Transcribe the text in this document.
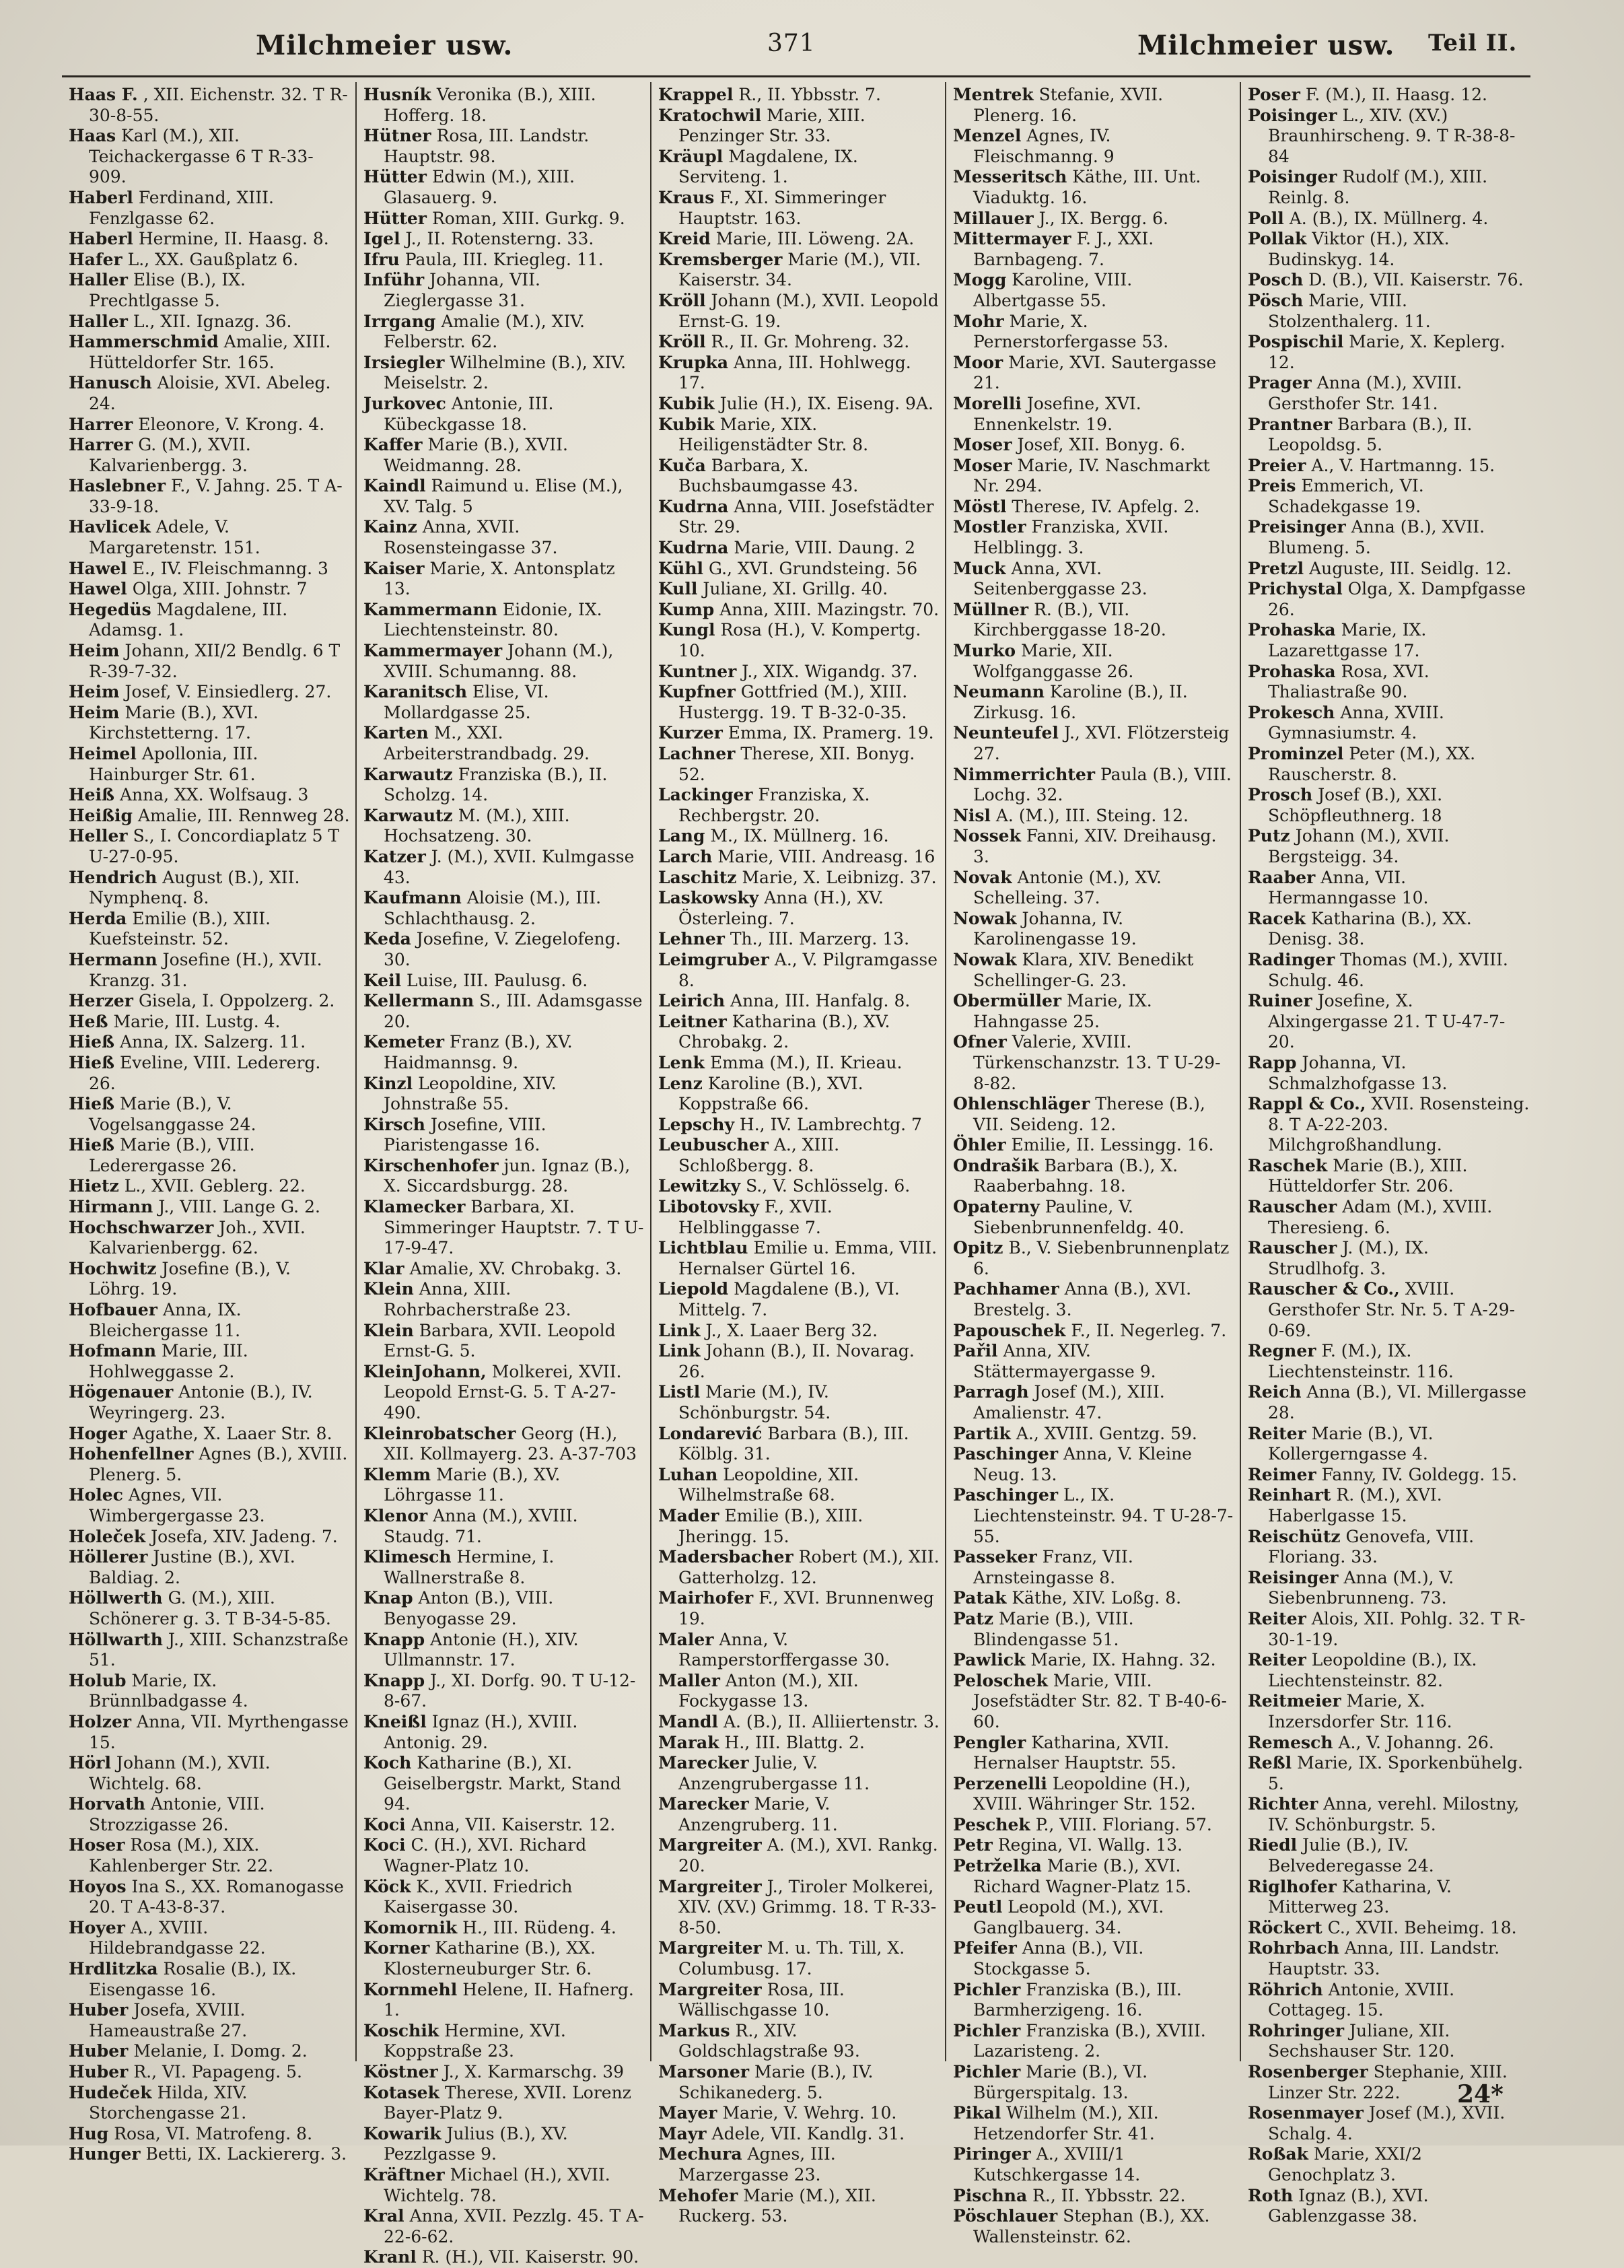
Milchmeier usw.	371	Milchmeier usw. Teil II.

Haas F. , XII. Eichenstr. 32. T R-30-8-55.

Haas Karl (M.), XII. Teichackergasse 6 T R-33-909.

Haberl Ferdinand, XIII. Fenzlgasse 62.

Haberl Hermine, II. Haasg. 8.

Hafer L., XX. Gaußplatz 6.

Haller Elise (B.), IX. Prechtlgasse 5.

Haller L., XII. Ignazg. 36.

Hammerschmid Amalie, XIII. Hütteldorfer Str. 165.

Hanusch Aloisie, XVI. Abeleg. 24.

Harrer Eleonore, V. Krong. 4.

Harrer G. (M.), XVII. Kalvarienbergg. 3.

Haslebner F., V. Jahng. 25. T A-33-9-18.

Havlicek Adele, V. Margaretenstr. 151.

Hawel E., IV. Fleischmanng. 3

Hawel Olga, XIII. Johnstr. 7

Hegedüs Magdalene, III. Adamsg. 1.

Heim Johann, XII/2 Bendlg. 6 T R-39-7-32.

Heim Josef, V. Einsiedlerg. 27.

Heim Marie (B.), XVI. Kirchstetterng. 17.

Heimel Apollonia, III. Hainburger Str. 61.

Heiß Anna, XX. Wolfsaug. 3

Heißig Amalie, III. Rennweg 28.

Heller S., I. Concordiaplatz 5 T U-27-0-95.

Hendrich August (B.), XII. Nymphenq. 8.

Herda Emilie (B.), XIII. Kuefsteinstr. 52.

Hermann Josefine (H.), XVII. Kranzg. 31.

Herzer Gisela, I. Oppolzerg. 2.

Heß Marie, III. Lustg. 4.

Hieß Anna, IX. Salzerg. 11.

Hieß Eveline, VIII. Ledererg. 26.

Hieß Marie (B.), V. Vogelsanggasse 24.

Hieß Marie (B.), VIII. Lederergasse 26.

Hietz L., XVII. Geblerg. 22.

Hirmann J., VIII. Lange G. 2.

Hochschwarzer Joh., XVII. Kalvarienbergg. 62.

Hochwitz Josefine (B.), V. Löhrg. 19.

Hofbauer Anna, IX. Bleichergasse 11.

Hofmann Marie, III. Hohlweggasse 2.

Högenauer Antonie (B.), IV. Weyringerg. 23.

Hoger Agathe, X. Laaer Str. 8.

Hohenfellner Agnes (B.), XVIII. Plenerg. 5.

Holec Agnes, VII. Wimbergergasse 23.

Holeček Josefa, XIV. Jadeng. 7.

Höllerer Justine (B.), XVI. Baldiag. 2.

Höllwerth G. (M.), XIII. Schönerer g. 3. T B-34-5-85.

Höllwarth J., XIII. Schanzstraße 51.

Holub Marie, IX. Brünnlbadgasse 4.

Holzer Anna, VII. Myrthengasse 15.

Hörl Johann (M.), XVII. Wichtelg. 68.

Horvath Antonie, VIII. Strozzigasse 26.

Hoser Rosa (M.), XIX. Kahlenberger Str. 22.

Hoyos Ina S., XX. Romanogasse 20. T A-43-8-37.

Hoyer A., XVIII. Hildebrandgasse 22.

Hrdlitzka Rosalie (B.), IX. Eisengasse 16.

Huber Josefa, XVIII. Hameaustraße 27.

Huber Melanie, I. Domg. 2.

Huber R., VI. Papageng. 5.

Hudeček Hilda, XIV. Storchengasse 21.

Hug Rosa, VI. Matrofeng. 8.

Hunger Betti, IX. Lackiererg. 3.

Husník Veronika (B.), XIII. Hofferg. 18.

Hütner Rosa, III. Landstr. Hauptstr. 98.

Hütter Edwin (M.), XIII. Glasauerg. 9.

Hütter Roman, XIII. Gurkg. 9.

Igel J., II. Rotensterng. 33.

Ifru Paula, III. Kriegleg. 11.

Inführ Johanna, VII. Zieglergasse 31.

Irrgang Amalie (M.), XIV. Felberstr. 62.

Irsiegler Wilhelmine (B.), XIV. Meiselstr. 2.

Jurkovec Antonie, III. Kübeckgasse 18.

Kaffer Marie (B.), XVII. Weidmanng. 28.

Kaindl Raimund u. Elise (M.), XV. Talg. 5

Kainz Anna, XVII. Rosensteingasse 37.

Kaiser Marie, X. Antonsplatz 13.

Kammermann Eidonie, IX. Liechtensteinstr. 80.

Kammermayer Johann (M.), XVIII. Schumanng. 88.

Karanitsch Elise, VI. Mollardgasse 25.

Karten M., XXI. Arbeiterstrandbadg. 29.

Karwautz Franziska (B.), II. Scholzg. 14.

Karwautz M. (M.), XIII. Hochsatzeng. 30.

Katzer J. (M.), XVII. Kulmgasse 43.

Kaufmann Aloisie (M.), III. Schlachthausg. 2.

Keda Josefine, V. Ziegelofeng. 30.

Keil Luise, III. Paulusg. 6.

Kellermann S., III. Adamsgasse 20.

Kemeter Franz (B.), XV. Haidmannsg. 9.

Kinzl Leopoldine, XIV. Johnstraße 55.

Kirsch Josefine, VIII. Piaristengasse 16.

Kirschenhofer jun. Ignaz (B.), X. Siccardsburgg. 28.

Klamecker Barbara, XI. Simmeringer Hauptstr. 7. T U-17-9-47.

Klar Amalie, XV. Chrobakg. 3.

Klein Anna, XIII. Rohrbacherstraße 23.

Klein Barbara, XVII. Leopold Ernst-G. 5.

KleinJohann, Molkerei, XVII. Leopold Ernst-G. 5. T A-27-490.

Kleinrobatscher Georg (H.), XII. Kollmayerg. 23. A-37-703

Klemm Marie (B.), XV. Löhrgasse 11.

Klenor Anna (M.), XVIII. Staudg. 71.

Klimesch Hermine, I. Wallnerstraße 8.

Knap Anton (B.), VIII. Benyogasse 29.

Knapp Antonie (H.), XIV. Ullmannstr. 17.

Knapp J., XI. Dorfg. 90. T U-12-8-67.

Kneißl Ignaz (H.), XVIII. Antonig. 29.

Koch Katharine (B.), XI. Geiselbergstr. Markt, Stand 94.

Koci Anna, VII. Kaiserstr. 12.

Koci C. (H.), XVI. Richard Wagner-Platz 10.

Köck K., XVII. Friedrich Kaisergasse 30.

Komornik H., III. Rüdeng. 4.

Korner Katharine (B.), XX. Klosterneuburger Str. 6.

Kornmehl Helene, II. Hafnerg. 1.

Koschik Hermine, XVI. Koppstraße 23.

Köstner J., X. Karmarschg. 39

Kotasek Therese, XVII. Lorenz Bayer-Platz 9.

Kowarik Julius (B.), XV. Pezzlgasse 9.

Kräftner Michael (H.), XVII. Wichtelg. 78.

Kral Anna, XVII. Pezzlg. 45. T A-22-6-62.

Kranl R. (H.), VII. Kaiserstr. 90.

Krappel R., II. Ybbsstr. 7.

Kratochwil Marie, XIII. Penzinger Str. 33.

Kräupl Magdalene, IX. Serviteng. 1.

Kraus F., XI. Simmeringer Hauptstr. 163.

Kreid Marie, III. Löweng. 2A.

Kremsberger Marie (M.), VII. Kaiserstr. 34.

Kröll Johann (M.), XVII. Leopold Ernst-G. 19.

Kröll R., II. Gr. Mohreng. 32.

Krupka Anna, III. Hohlwegg. 17.

Kubik Julie (H.), IX. Eiseng. 9A.

Kubik Marie, XIX. Heiligenstädter Str. 8.

Kuča Barbara, X. Buchsbaumgasse 43.

Kudrna Anna, VIII. Josefstädter Str. 29.

Kudrna Marie, VIII. Daung. 2

Kühl G., XVI. Grundsteing. 56

Kull Juliane, XI. Grillg. 40.

Kump Anna, XIII. Mazingstr. 70.

Kungl Rosa (H.), V. Kompertg. 10.

Kuntner J., XIX. Wigandg. 37.

Kupfner Gottfried (M.), XIII. Hustergg. 19. T B-32-0-35.

Kurzer Emma, IX. Pramerg. 19.

Lachner Therese, XII. Bonyg. 52.

Lackinger Franziska, X. Rechbergstr. 20.

Lang M., IX. Müllnerg. 16.

Larch Marie, VIII. Andreasg. 16

Laschitz Marie, X. Leibnizg. 37.

Laskowsky Anna (H.), XV. Österleing. 7.

Lehner Th., III. Marzerg. 13.

Leimgruber A., V. Pilgramgasse 8.

Leirich Anna, III. Hanfalg. 8.

Leitner Katharina (B.), XV. Chrobakg. 2.

Lenk Emma (M.), II. Krieau.

Lenz Karoline (B.), XVI. Koppstraße 66.

Lepschy H., IV. Lambrechtg. 7

Leubuscher A., XIII. Schloßbergg. 8.

Lewitzky S., V. Schlösselg. 6.

Libotovsky F., XVII. Helblinggasse 7.

Lichtblau Emilie u. Emma, VIII. Hernalser Gürtel 16.

Liepold Magdalene (B.), VI. Mittelg. 7.

Link J., X. Laaer Berg 32.

Link Johann (B.), II. Novarag. 26.

Listl Marie (M.), IV. Schönburgstr. 54.

Londarević Barbara (B.), III. Kölblg. 31.

Luhan Leopoldine, XII. Wilhelmstraße 68.

Mader Emilie (B.), XIII. Jheringg. 15.

Madersbacher Robert (M.), XII. Gatterholzg. 12.

Mairhofer F., XVI. Brunnenweg 19.

Maler Anna, V. Ramperstorffergasse 30.

Maller Anton (M.), XII. Fockygasse 13.

Mandl A. (B.), II. Alliiertenstr. 3.

Marak H., III. Blattg. 2.

Marecker Julie, V. Anzengrubergasse 11.

Marecker Marie, V. Anzengruberg. 11.

Margreiter A. (M.), XVI. Rankg. 20.

Margreiter J., Tiroler Molkerei, XIV. (XV.) Grimmg. 18. T R-33-8-50.

Margreiter M. u. Th. Till, X. Columbusg. 17.

Margreiter Rosa, III. Wällischgasse 10.

Markus R., XIV. Goldschlagstraße 93.

Marsoner Marie (B.), IV. Schikanederg. 5.

Mayer Marie, V. Wehrg. 10.

Mayr Adele, VII. Kandlg. 31.

Mechura Agnes, III. Marzergasse 23.

Mehofer Marie (M.), XII. Ruckerg. 53.

Mentrek Stefanie, XVII. Plenerg. 16.

Menzel Agnes, IV. Fleischmanng. 9

Messeritsch Käthe, III. Unt. Viaduktg. 16.

Millauer J., IX. Bergg. 6.

Mittermayer F. J., XXI. Barnbageng. 7.

Mogg Karoline, VIII. Albertgasse 55.

Mohr Marie, X. Pernerstorfergasse 53.

Moor Marie, XVI. Sautergasse 21.

Morelli Josefine, XVI. Ennenkelstr. 19.

Moser Josef, XII. Bonyg. 6.

Moser Marie, IV. Naschmarkt Nr. 294.

Möstl Therese, IV. Apfelg. 2.

Mostler Franziska, XVII. Helblingg. 3.

Muck Anna, XVI. Seitenberggasse 23.

Müllner R. (B.), VII. Kirchberggasse 18-20.

Murko Marie, XII. Wolfganggasse 26.

Neumann Karoline (B.), II. Zirkusg. 16.

Neunteufel J., XVI. Flötzersteig 27.

Nimmerrichter Paula (B.), VIII. Lochg. 32.

Nisl A. (M.), III. Steing. 12.

Nossek Fanni, XIV. Dreihausg. 3.

Novak Antonie (M.), XV. Schelleing. 37.

Nowak Johanna, IV. Karolinengasse 19.

Nowak Klara, XIV. Benedikt Schellinger-G. 23.

Obermüller Marie, IX. Hahngasse 25.

Ofner Valerie, XVIII. Türkenschanzstr. 13. T U-29-8-82.

Ohlenschläger Therese (B.), VII. Seideng. 12.

Öhler Emilie, II. Lessingg. 16.

Ondrašik Barbara (B.), X. Raaberbahng. 18.

Opaterny Pauline, V. Siebenbrunnenfeldg. 40.

Opitz B., V. Siebenbrunnenplatz 6.

Pachhamer Anna (B.), XVI. Brestelg. 3.

Papouschek F., II. Negerleg. 7.

Pařil Anna, XIV. Stättermayergasse 9.

Parragh Josef (M.), XIII. Amalienstr. 47.

Partik A., XVIII. Gentzg. 59.

Paschinger Anna, V. Kleine Neug. 13.

Paschinger L., IX. Liechtensteinstr. 94. T U-28-7-55.

Passeker Franz, VII. Arnsteingasse 8.

Patak Käthe, XIV. Loßg. 8.

Patz Marie (B.), VIII. Blindengasse 51.

Pawlick Marie, IX. Hahng. 32.

Peloschek Marie, VIII. Josefstädter Str. 82. T B-40-6-60.

Pengler Katharina, XVII. Hernalser Hauptstr. 55.

Perzenelli Leopoldine (H.), XVIII. Währinger Str. 152.

Peschek P., VIII. Floriang. 57.

Petr Regina, VI. Wallg. 13.

Petrželka Marie (B.), XVI. Richard Wagner-Platz 15.

Peutl Leopold (M.), XVI. Ganglbauerg. 34.

Pfeifer Anna (B.), VII. Stockgasse 5.

Pichler Franziska (B.), III. Barmherzigeng. 16.

Pichler Franziska (B.), XVIII. Lazaristeng. 2.

Pichler Marie (B.), VI. Bürgerspitalg. 13.

Pikal Wilhelm (M.), XII. Hetzendorfer Str. 41.

Piringer A., XVIII/1 Kutschkergasse 14.

Pischna R., II. Ybbsstr. 22.

Pöschlauer Stephan (B.), XX. Wallensteinstr. 62.

Poser F. (M.), II. Haasg. 12.

Poisinger L., XIV. (XV.) Braunhirscheng. 9. T R-38-8-84

Poisinger Rudolf (M.), XIII. Reinlg. 8.

Poll A. (B.), IX. Müllnerg. 4.

Pollak Viktor (H.), XIX. Budinskyg. 14.

Posch D. (B.), VII. Kaiserstr. 76.

Pösch Marie, VIII. Stolzenthalerg. 11.

Pospischil Marie, X. Keplerg. 12.

Prager Anna (M.), XVIII. Gersthofer Str. 141.

Prantner Barbara (B.), II. Leopoldsg. 5.

Preier A., V. Hartmanng. 15.

Preis Emmerich, VI. Schadekgasse 19.

Preisinger Anna (B.), XVII. Blumeng. 5.

Pretzl Auguste, III. Seidlg. 12.

Prichystal Olga, X. Dampfgasse 26.

Prohaska Marie, IX. Lazarettgasse 17.

Prohaska Rosa, XVI. Thaliastraße 90.

Prokesch Anna, XVIII. Gymnasiumstr. 4.

Prominzel Peter (M.), XX. Rauscherstr. 8.

Prosch Josef (B.), XXI. Schöpfleuthnerg. 18

Putz Johann (M.), XVII. Bergsteigg. 34.

Raaber Anna, VII. Hermanngasse 10.

Racek Katharina (B.), XX. Denisg. 38.

Radinger Thomas (M.), XVIII. Schulg. 46.

Ruiner Josefine, X. Alxingergasse 21. T U-47-7-20.

Rapp Johanna, VI. Schmalzhofgasse 13.

Rappl & Co., XVII. Rosensteing. 8. T A-22-203. Milchgroßhandlung.

Raschek Marie (B.), XIII. Hütteldorfer Str. 206.

Rauscher Adam (M.), XVIII. Theresieng. 6.

Rauscher J. (M.), IX. Strudlhofg. 3.

Rauscher & Co., XVIII. Gersthofer Str. Nr. 5. T A-29-0-69.

Regner F. (M.), IX. Liechtensteinstr. 116.

Reich Anna (B.), VI. Millergasse 28.

Reiter Marie (B.), VI. Kollergerngasse 4.

Reimer Fanny, IV. Goldegg. 15.

Reinhart R. (M.), XVI. Haberlgasse 15.

Reischütz Genovefa, VIII. Floriang. 33.

Reisinger Anna (M.), V. Siebenbrunneng. 73.

Reiter Alois, XII. Pohlg. 32. T R-30-1-19.

Reiter Leopoldine (B.), IX. Liechtensteinstr. 82.

Reitmeier Marie, X. Inzersdorfer Str. 116.

Remesch A., V. Johanng. 26.

Reßl Marie, IX. Sporkenbühelg. 5.

Richter Anna, verehl. Milostny, IV. Schönburgstr. 5.

Riedl Julie (B.), IV. Belvederegasse 24.

Riglhofer Katharina, V. Mitterweg 23.

Röckert C., XVII. Beheimg. 18.

Rohrbach Anna, III. Landstr. Hauptstr. 33.

Röhrich Antonie, XVIII. Cottageg. 15.

Rohringer Juliane, XII. Sechshauser Str. 120.

Rosenberger Stephanie, XIII. Linzer Str. 222.

Rosenmayer Josef (M.), XVII. Schalg. 4.

Roßak Marie, XXI/2 Genochplatz 3.

Roth Ignaz (B.), XVI. Gablenzgasse 38.

24*
